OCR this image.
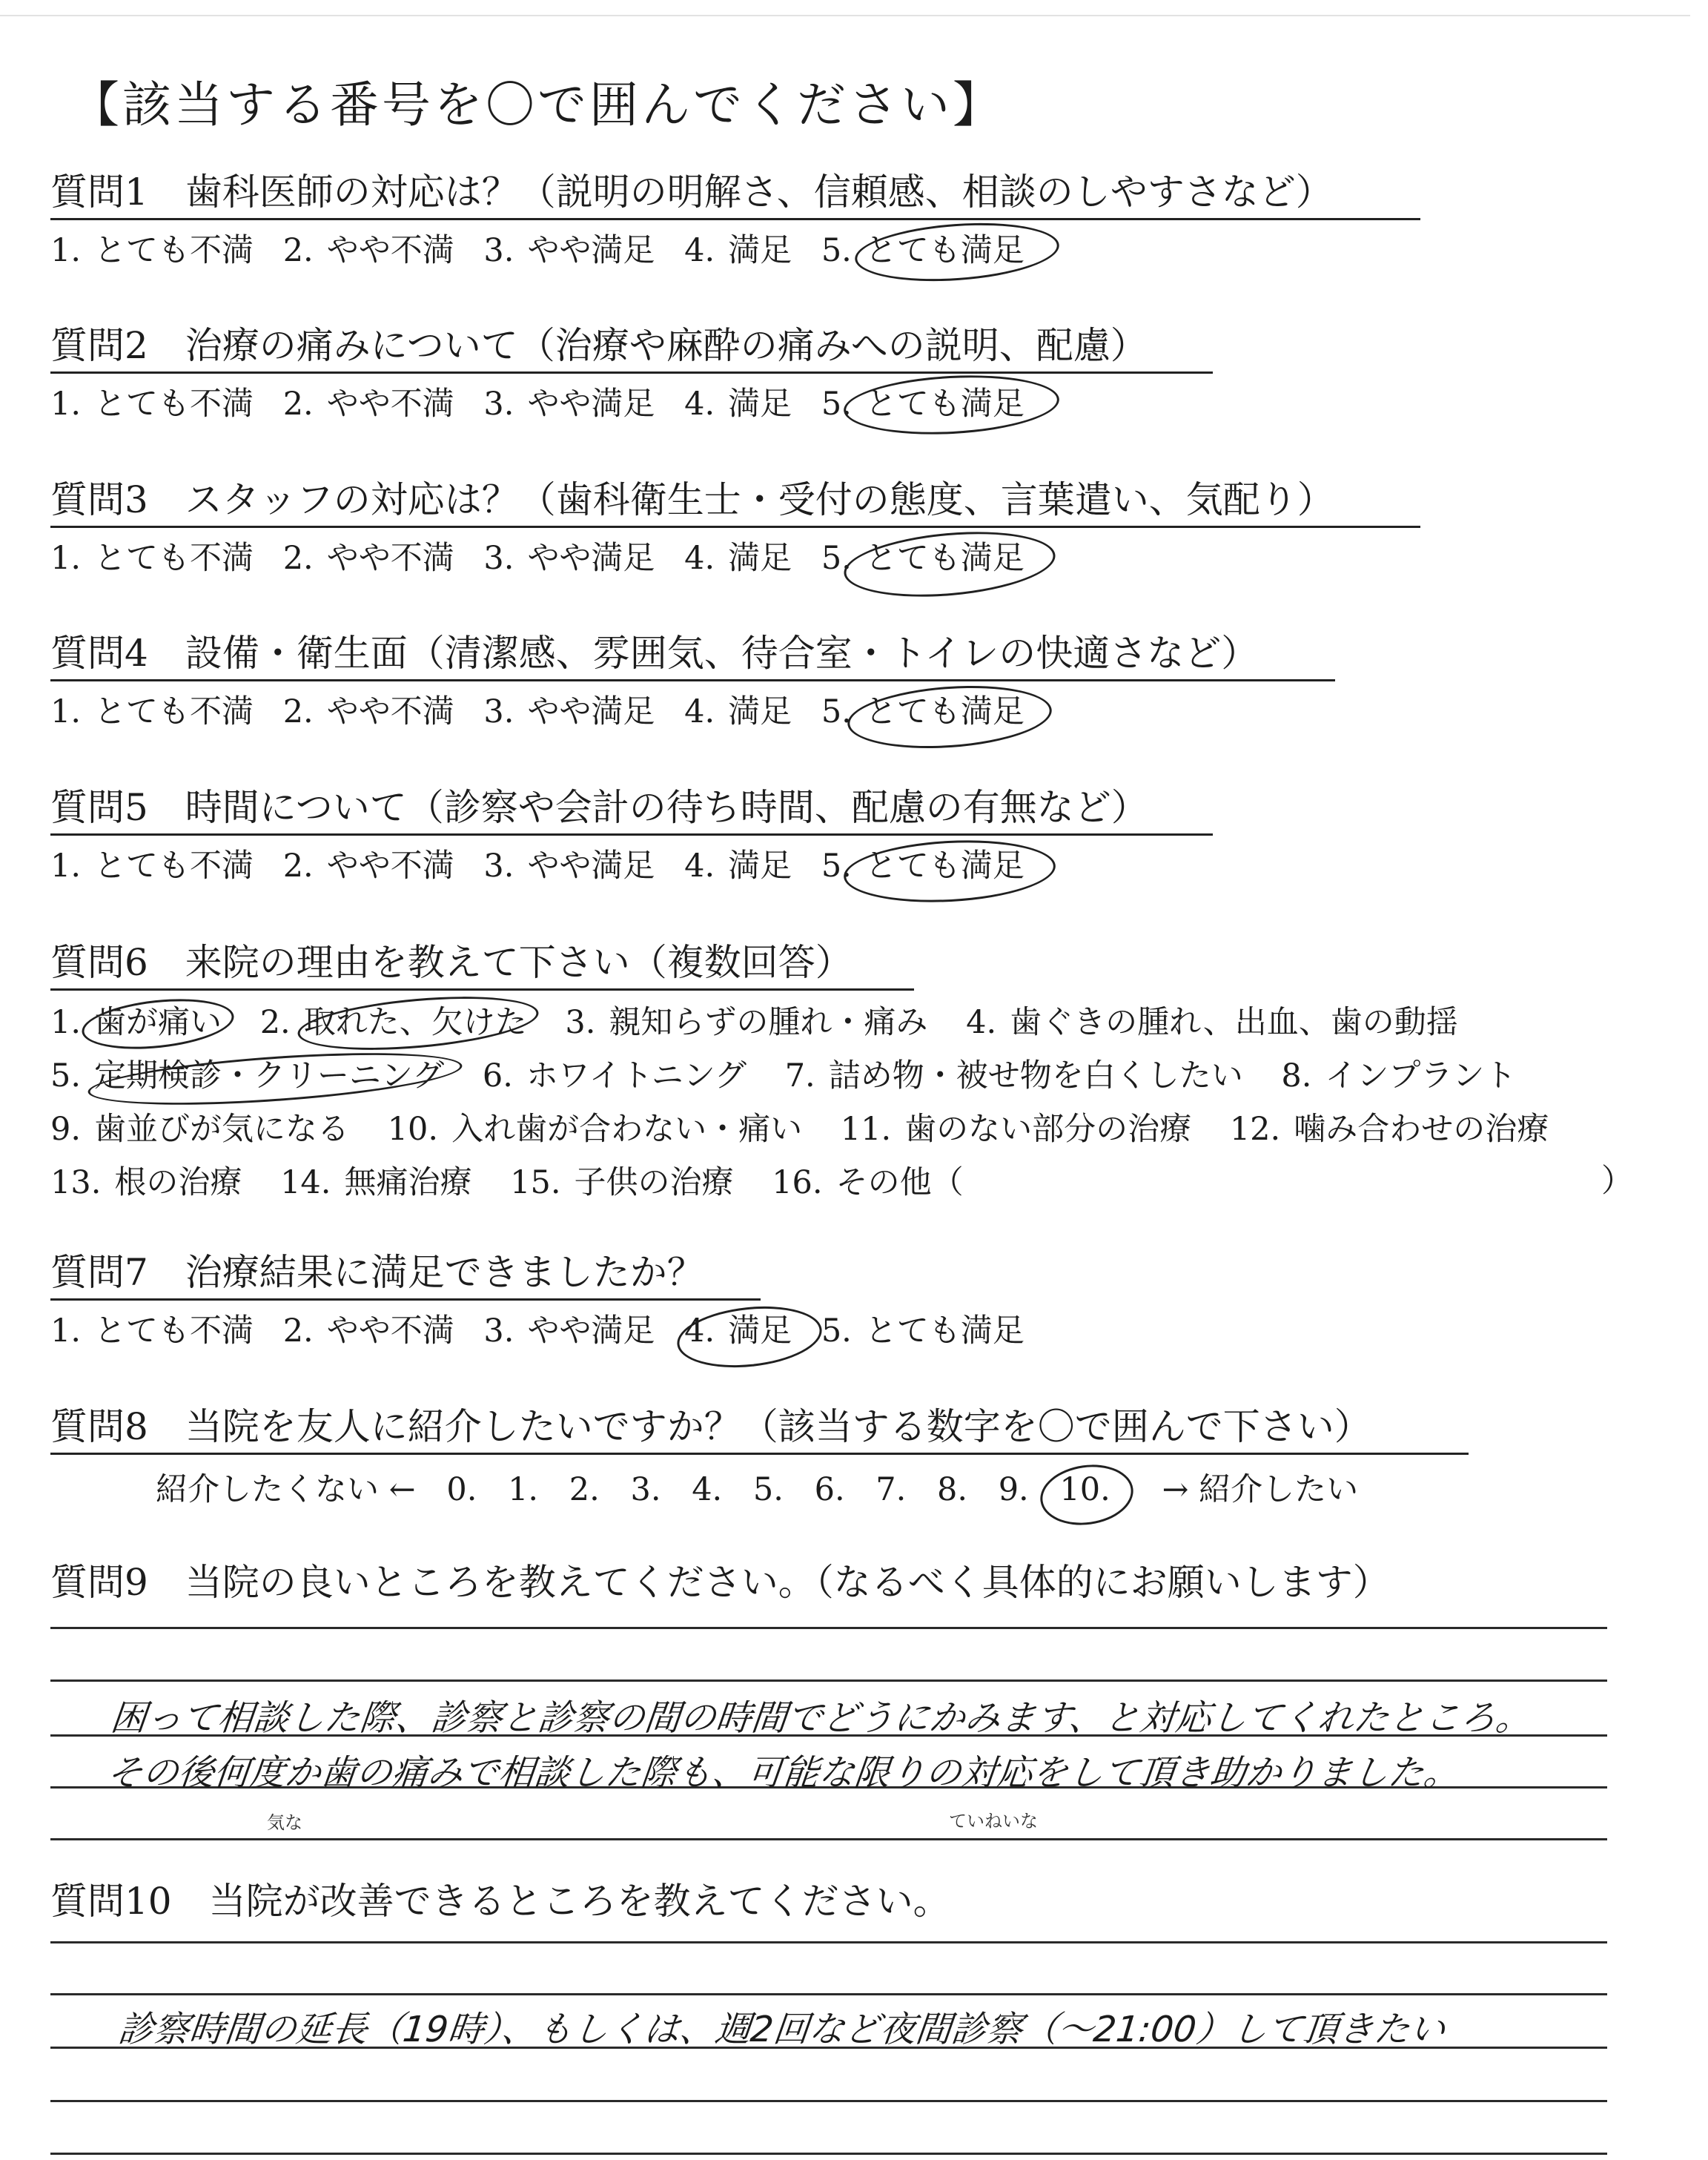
【該当する番号を〇で囲んでください】
質問1　歯科医師の対応は？（説明の明解さ、信頼感、相談のしやすさなど）
1. とても不満 2. やや不満 3. やや満足 4. 満足 5. とても満足
質問2　治療の痛みについて（治療や麻酔の痛みへの説明、配慮）
1. とても不満 2. やや不満 3. やや満足 4. 満足 5. とても満足
質問3　スタッフの対応は？（歯科衛生士・受付の態度、言葉遣い、気配り）
1. とても不満 2. やや不満 3. やや満足 4. 満足 5. とても満足
質問4　設備・衛生面（清潔感、雰囲気、待合室・トイレの快適さなど）
1. とても不満 2. やや不満 3. やや満足 4. 満足 5. とても満足
質問5　時間について（診察や会計の待ち時間、配慮の有無など）
1. とても不満 2. やや不満 3. やや満足 4. 満足 5. とても満足
質問6　来院の理由を教えて下さい（複数回答）
1. 歯が痛い 2. 取れた、欠けた 3. 親知らずの腫れ・痛み 4. 歯ぐきの腫れ、出血、歯の動揺
5. 定期検診・クリーニング 6. ホワイトニング 7. 詰め物・被せ物を白くしたい 8. インプラント
9. 歯並びが気になる 10. 入れ歯が合わない・痛い 11. 歯のない部分の治療 12. 噛み合わせの治療
13. 根の治療 14. 無痛治療 15. 子供の治療 16. その他（	）
質問7　治療結果に満足できましたか？
1. とても不満 2. やや不満 3. やや満足 4. 満足 5. とても満足
質問8　当院を友人に紹介したいですか？（該当する数字を〇で囲んで下さい）
紹介したくない ← 0. 1. 2. 3. 4. 5. 6. 7. 8. 9. 10. → 紹介したい
質問9　当院の良いところを教えてください。（なるべく具体的にお願いします）
困って相談した際、診察と診察の間の時間でどうにかみます、と対応してくれたところ。
その後何度か歯の痛みで相談した際も、可能な限りの対応をして頂き助かりました。
気な	ていねいな
質問10　当院が改善できるところを教えてください。
診察時間の延長（19時）、もしくは、週2回など夜間診察（〜21:00）して頂きたい
